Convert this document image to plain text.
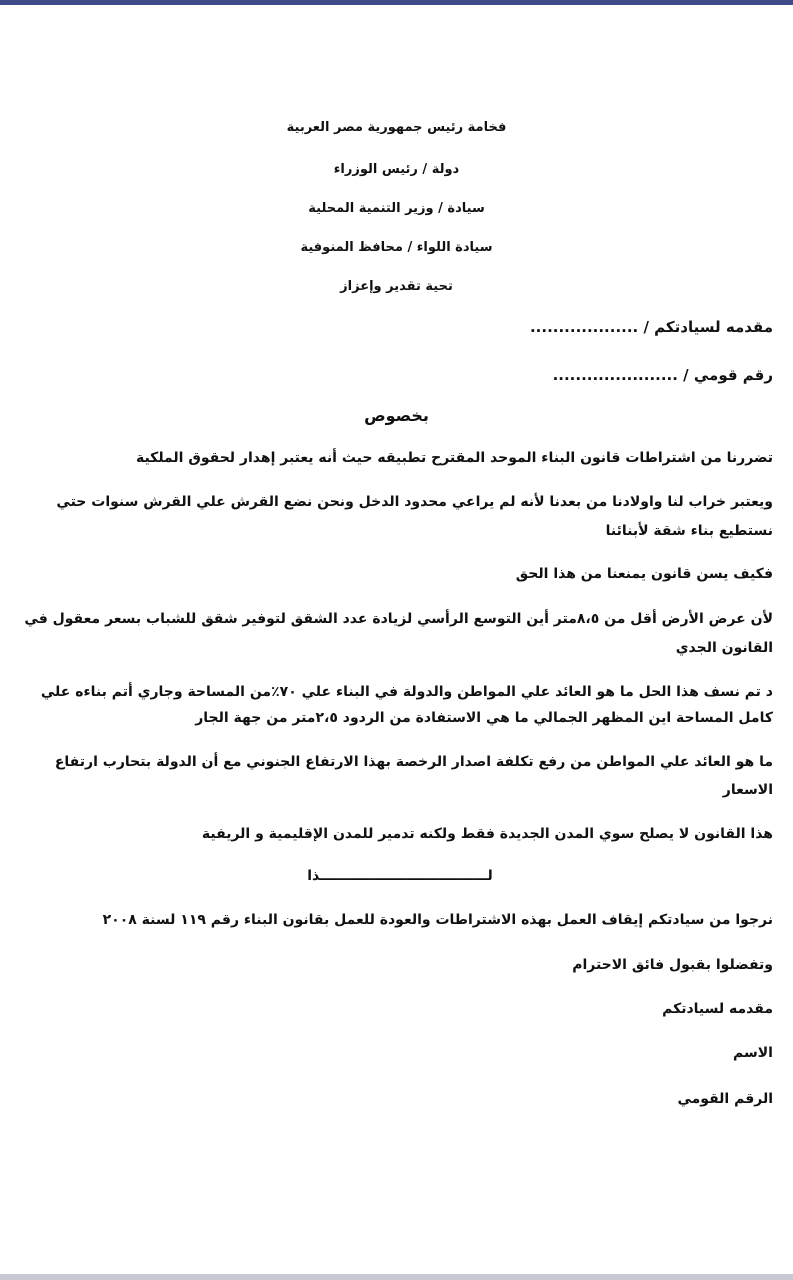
فخامة رئيس جمهورية مصر العربية
دولة / رئيس الوزراء
سيادة / وزير التنمية المحلية
سيادة اللواء / محافظ المنوفية
تحية تقدير وإعزاز
مقدمه لسيادتكم / ...................
رقم قومي / ......................
بخصوص
تضررنا من اشتراطات قانون البناء الموحد المقترح تطبيقه حيث أنه يعتبر إهدار لحقوق الملكية
ويعتبر خراب لنا واولادنا من بعدنا لأنه لم يراعي محدود الدخل ونحن نضع القرش علي القرش سنوات حتي
نستطيع بناء شقة لأبنائنا
فكيف يسن قانون يمنعنا من هذا الحق
لأن عرض الأرض أقل من ٨،٥متر أين التوسع الرأسي لزيادة عدد الشقق لتوفير شقق للشباب بسعر معقول في
القانون الجدي
د تم نسف هذا الحل ما هو العائد علي المواطن والدولة في البناء علي ٧٠٪من المساحة وجاري أتم بناءه علي
كامل المساحة اين المظهر الجمالي ما هي الاستفادة من الردود ٢،٥متر من جهة الجار
ما هو العائد علي المواطن من رفع تكلفة اصدار الرخصة بهذا الارتفاع الجنوني مع أن الدولة بتحارب ارتفاع
الاسعار
هذا القانون لا يصلح سوي المدن الجديدة فقط ولكنه تدمير للمدن الإقليمية و الريفية
لـــــــــــــــــــــــــــــــــــذا
نرجوا من سيادتكم إيقاف العمل بهذه الاشتراطات والعودة للعمل بقانون البناء رقم ١١٩ لسنة ٢٠٠٨
وتفضلوا بقبول فائق الاحترام
مقدمه لسيادتكم
الاسم
الرقم القومي
